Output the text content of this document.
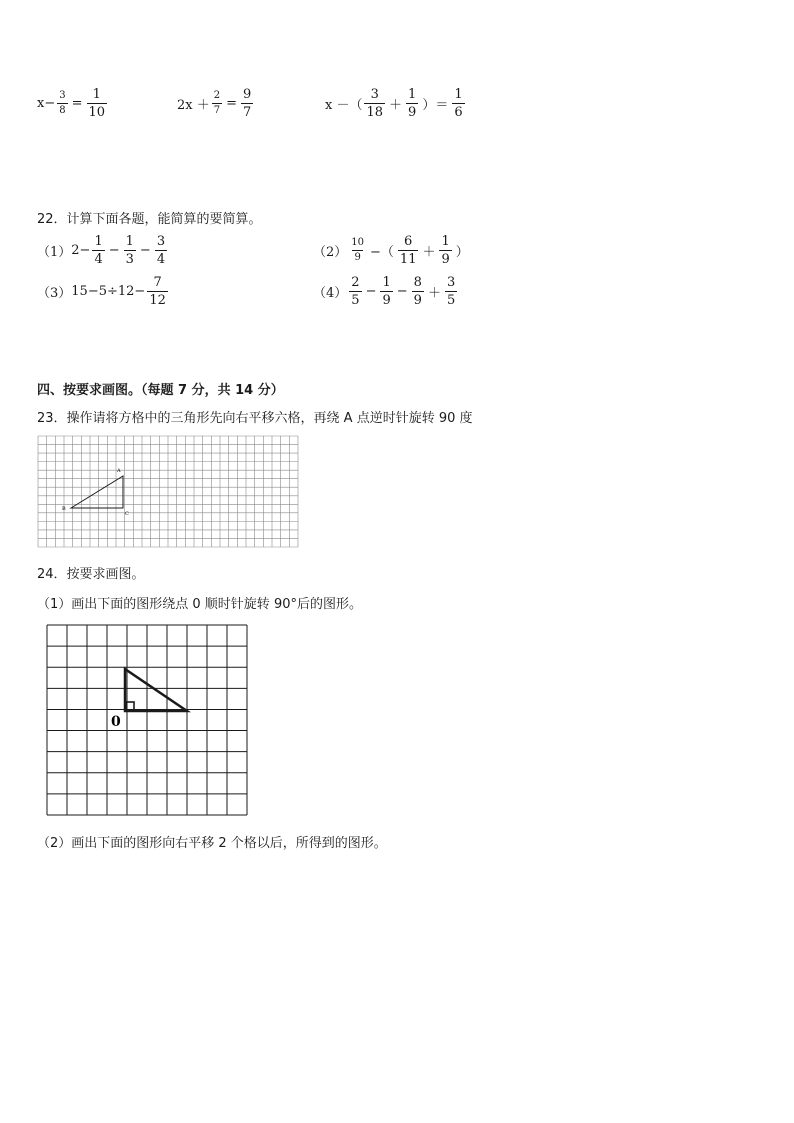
$x- \frac{3}{8} = \frac{1}{10}$	$2x + \frac{2}{7} = \frac{9}{7}$	x －（ $\frac{3}{18} + \frac{1}{9}$ ）＝ $\frac{1}{6}$
22．计算下面各题，能简算的要简算。
（1） $2- \frac{1}{4} - \frac{1}{3} - \frac{3}{4}$	$(2) \frac{10}{9}$ −（ $\frac{6}{11} + \frac{1}{9}$ ）
（3） $15-5\div 12- \frac{7}{12}$	$(4) \frac{2}{5} - \frac{1}{9} - \frac{8}{9} + \frac{3}{5}$
四、按要求画图。（每题 7 分，共 14 分）
23．操作请将方格中的三角形先向右平移六格，再绕 A 点逆时针旋转 90 度
A
B
C
24．按要求画图。
（1）画出下面的图形绕点 0 顺时针旋转 90°后的图形。
0
（2）画出下面的图形向右平移 2 个格以后，所得到的图形。
